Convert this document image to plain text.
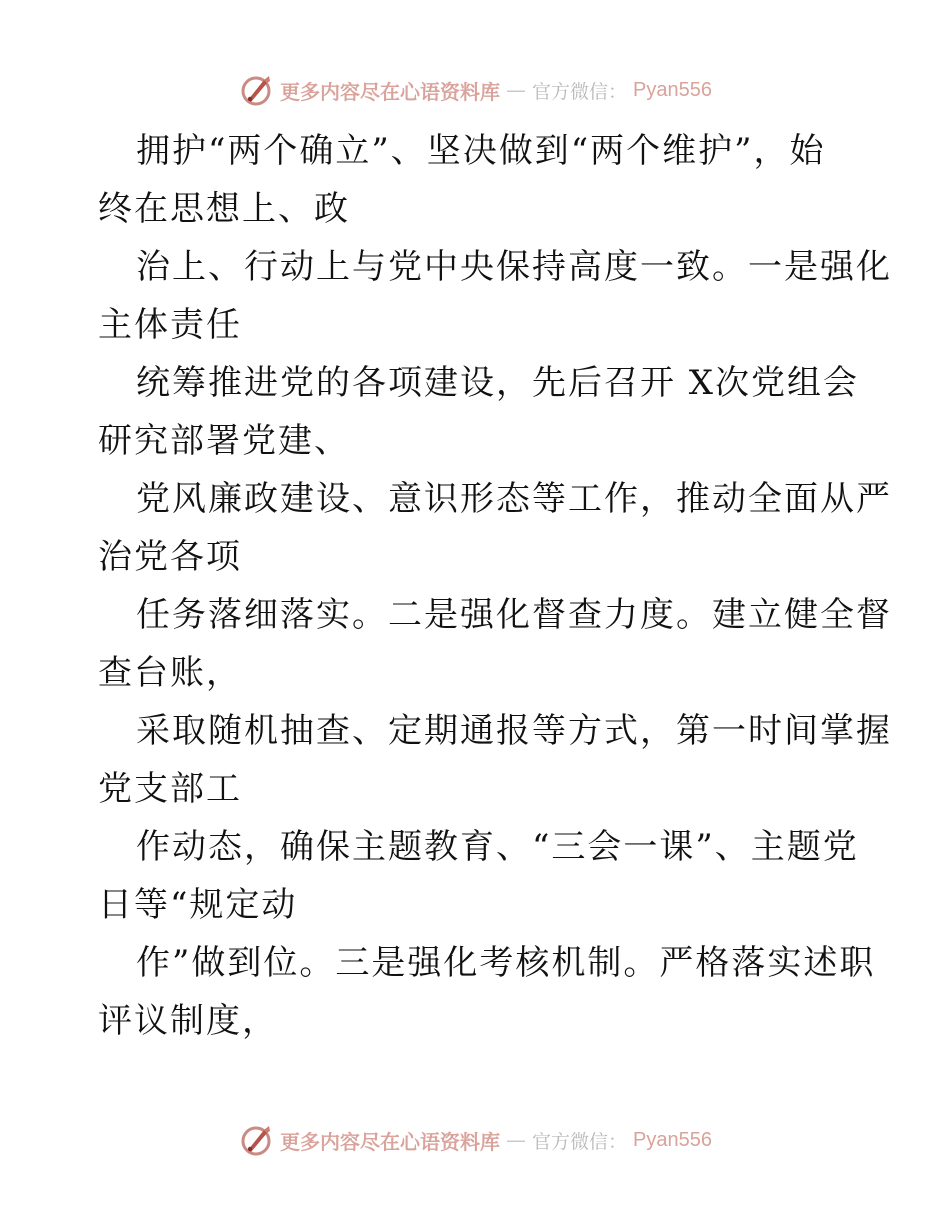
更多内容尽在心语资料库 — 官方微信： Pyan556
拥护“两个确立”、坚决做到“两个维护”，始
终在思想上、政
治上、行动上与党中央保持高度一致。一是强化
主体责任
统筹推进党的各项建设，先后召开 X次党组会
研究部署党建、
党风廉政建设、意识形态等工作，推动全面从严
治党各项
任务落细落实。二是强化督查力度。建立健全督
查台账，
采取随机抽查、定期通报等方式，第一时间掌握
党支部工
作动态，确保主题教育、“三会一课”、主题党
日等“规定动
作”做到位。三是强化考核机制。严格落实述职
评议制度，
更多内容尽在心语资料库 — 官方微信： Pyan556
